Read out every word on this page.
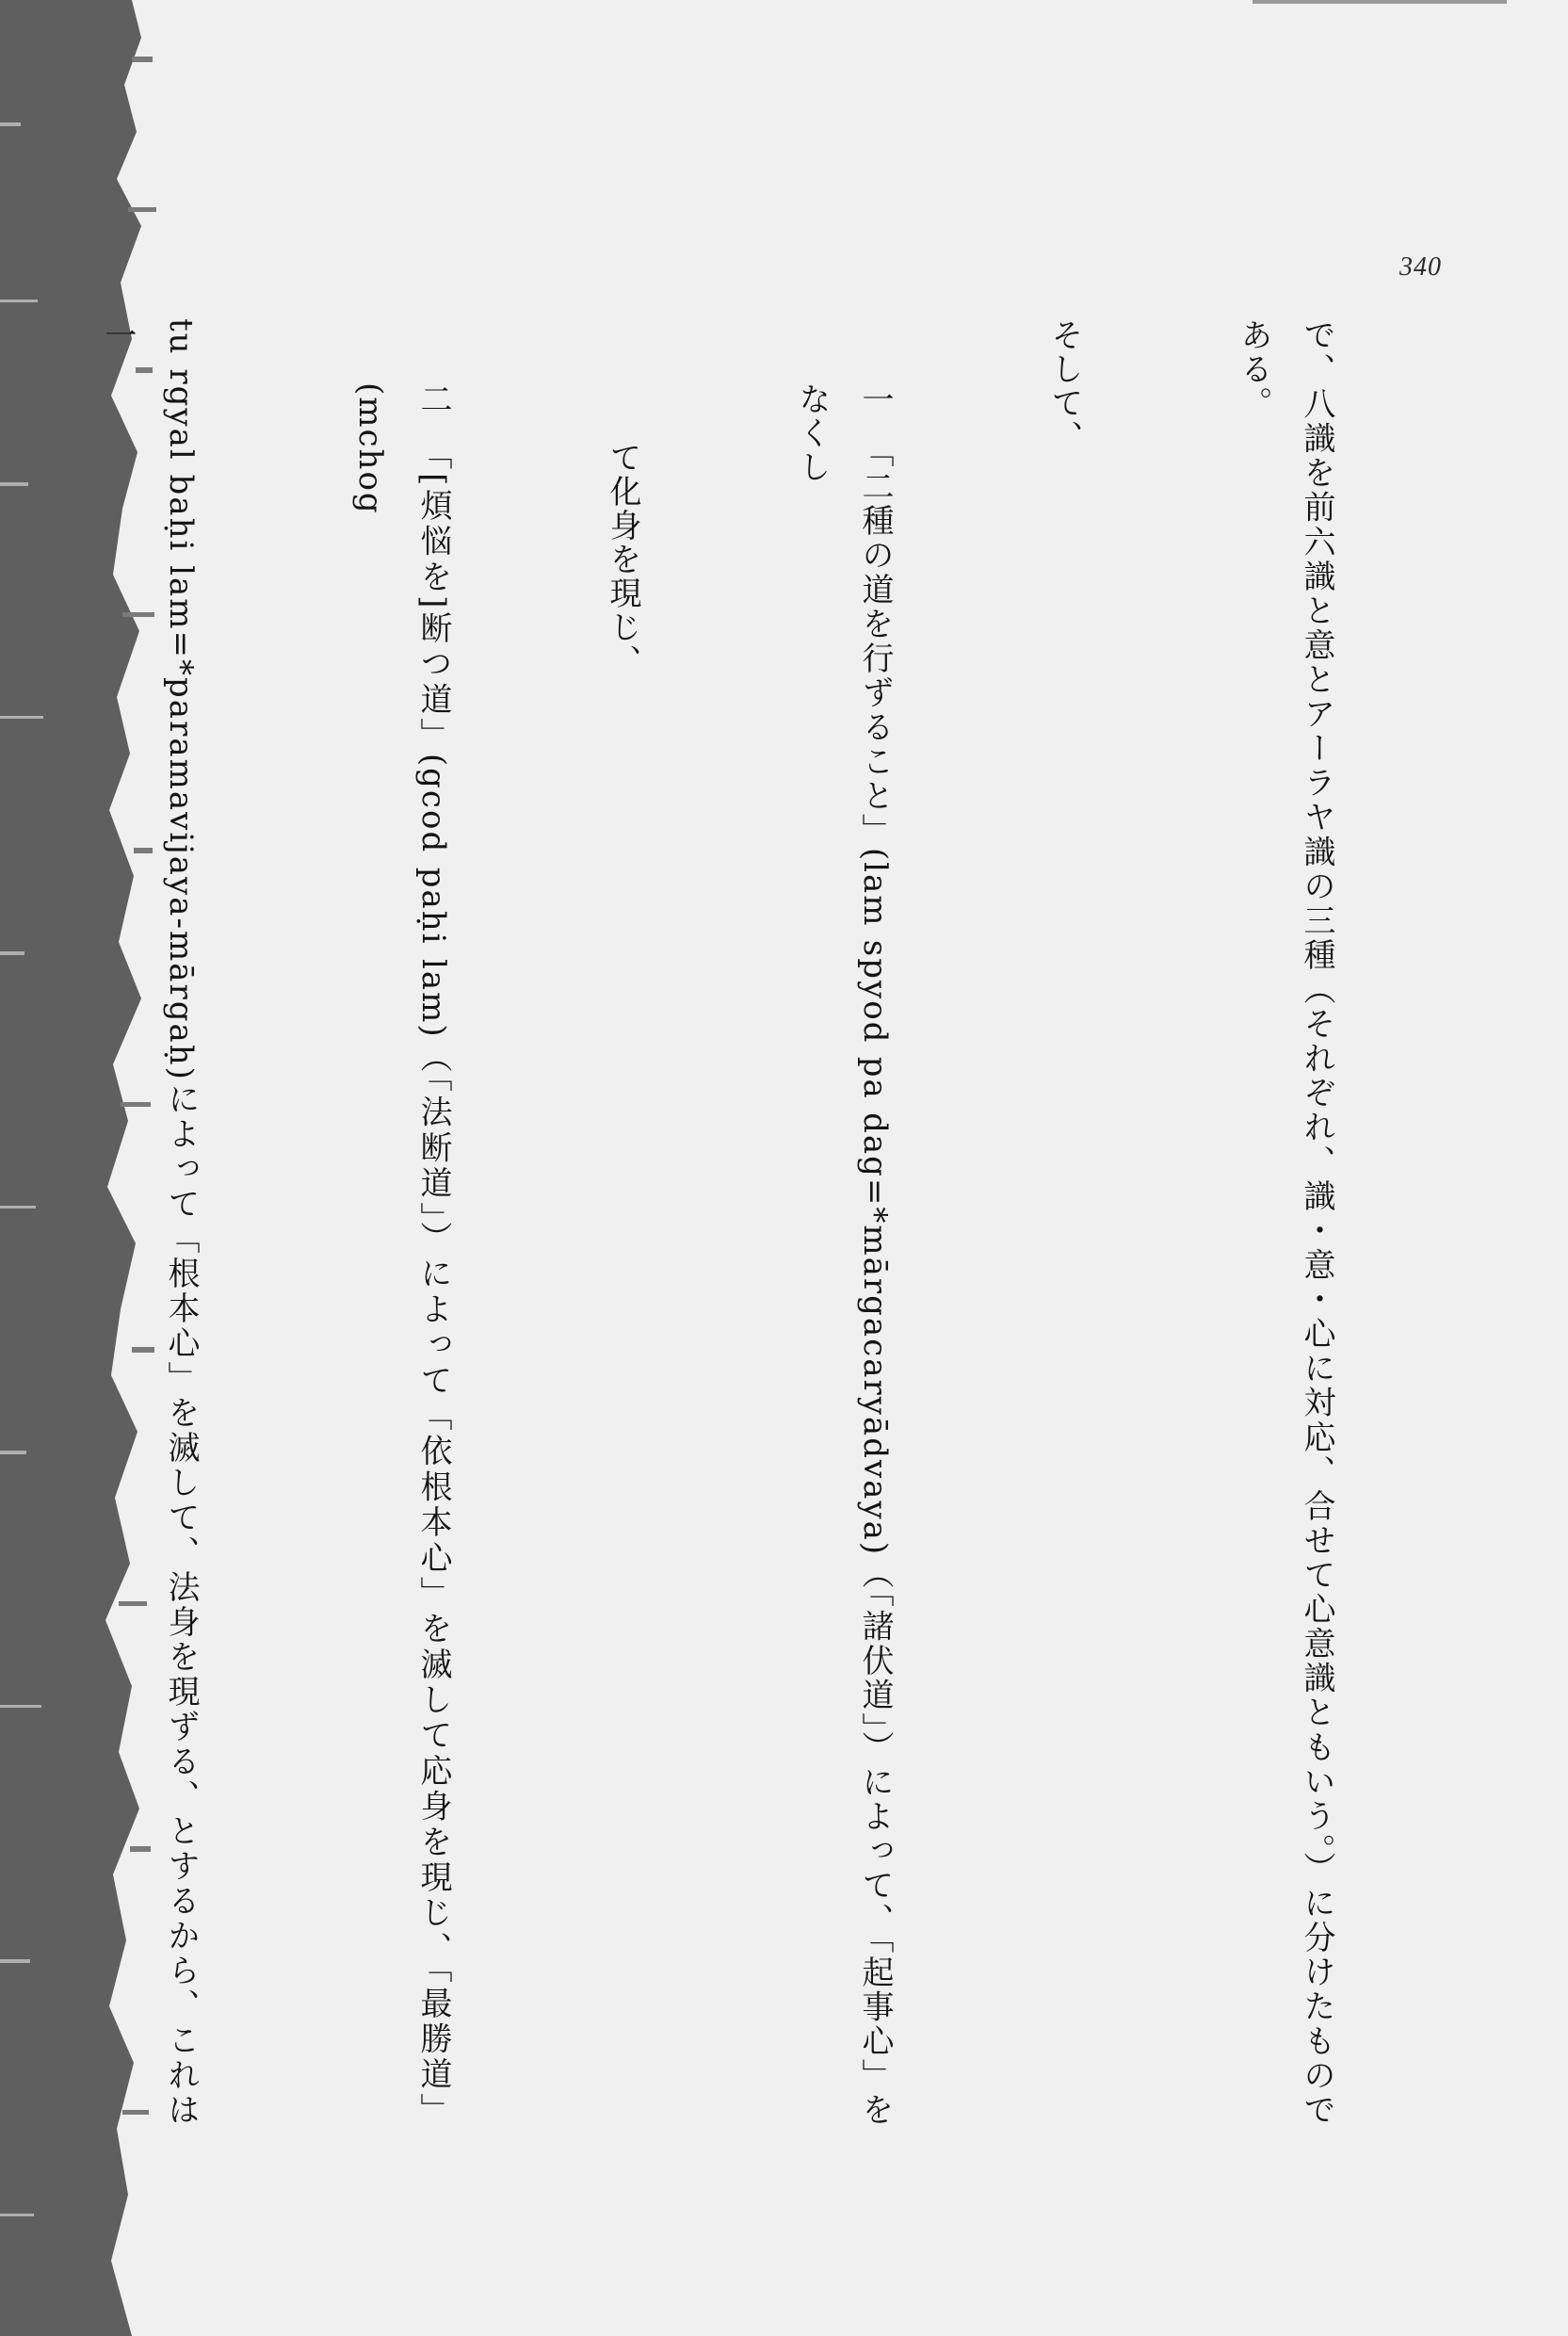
340

で、八識を前六識と意とアーラヤ識の三種（それぞれ、識・意・心に対応、合せて心意識ともいう。）に分けたものである。

そして、

一　「二種の道を行ずること」(lam spyod pa dag=*mārgacaryādvaya)（「諸伏道」）によって、「起事心」をなくし

て化身を現じ、

二　「[煩悩を]断つ道」(gcod paḥi lam)（「法断道」）によって「依根本心」を滅して応身を現じ、「最勝道」(mchog

tu rgyal baḥi lam=*paramavijaya-mārgaḥ)によって「根本心」を滅して、法身を現ずる、とするから、これは一
